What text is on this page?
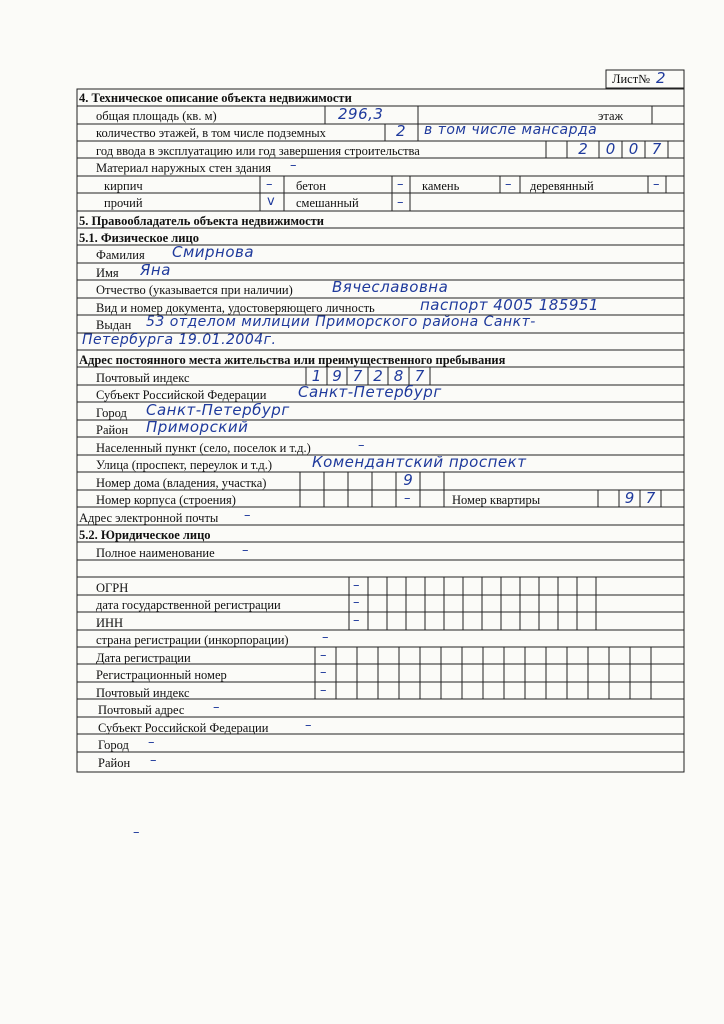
Лист№ 2
4. Техническое описание объекта недвижимости
общая площадь (кв. м)	296,3	этаж
количество этажей, в том числе подземных	2 в том числе мансарда
год ввода в эксплуатацию или год завершения строительства	2	0 0 7
Материал наружных стен здания –
кирпич	– бетон	– камень	– деревянный	–
прочий	v смешанный	–
5. Правообладатель объекта недвижимости
5.1. Физическое лицо
Фамилия Смирнова
Имя Яна
Отчество (указывается при наличии)	Вячеславовна
Вид и номер документа, удостоверяющего личность	паспорт 4005 185951
Выдан 53 отделом милиции Приморского района Санкт-
Петербурга 19.01.2004г.
Адрес постоянного места жительства или преимущественного пребывания
Почтовый индекс	1 9 7 2 8 7
Субъект Российской Федерации Санкт-Петербург
Город Санкт-Петербург
Район Приморский
Населенный пункт (село, поселок и т.д.)	–
Улица (проспект, переулок и т.д.)	Комендантский проспект
Номер дома (владения, участка)	9
Номер корпуса (строения)	–	Номер квартиры	9 7
Адрес электронной почты –
5.2. Юридическое лицо
Полное наименование –
ОГРН	–
дата государственной регистрации	–
ИНН	–
страна регистрации (инкорпорации)	–
Дата регистрации	–
Регистрационный номер	–
Почтовый индекс	–
Почтовый адрес –
Субъект Российской Федерации	–
Город –
Район –
–
